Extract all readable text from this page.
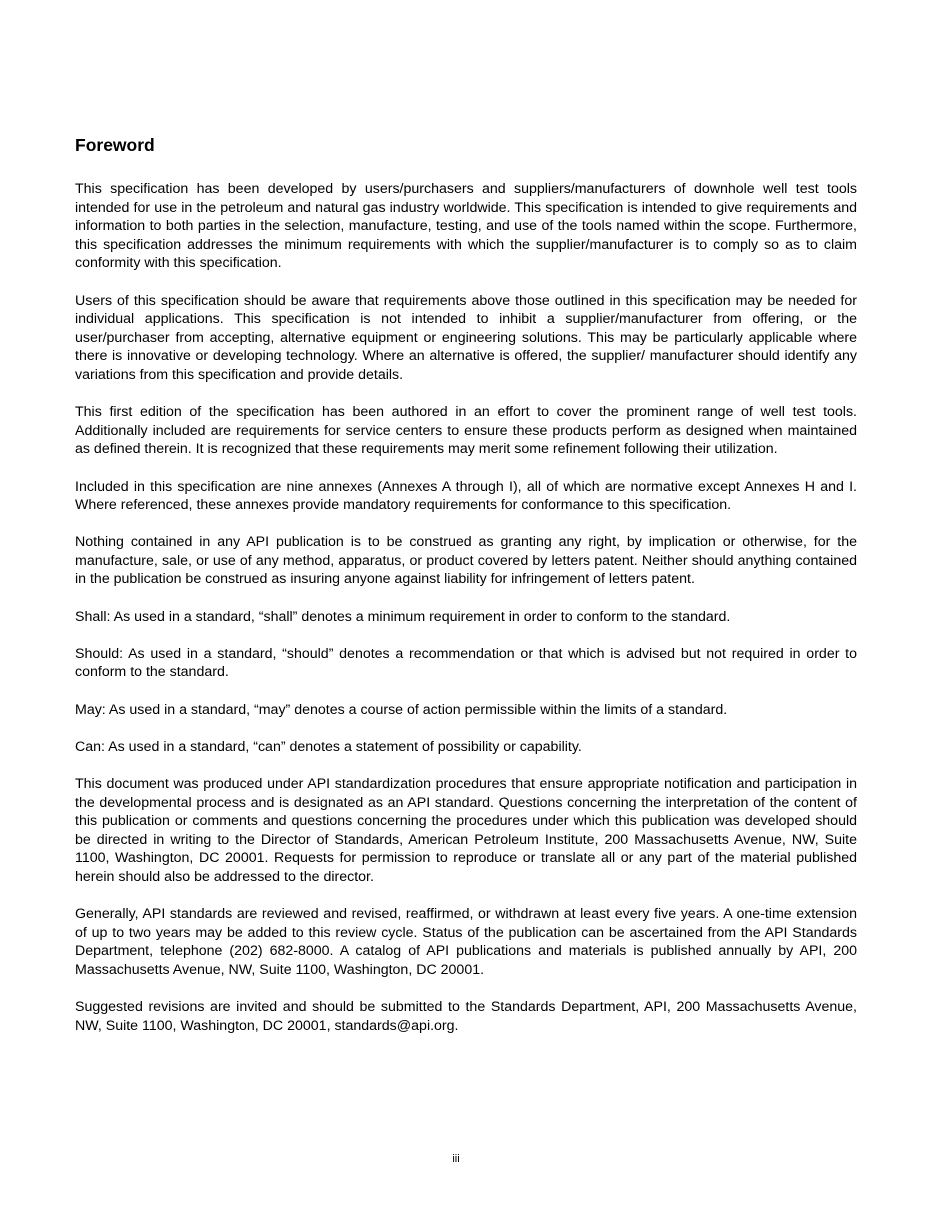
Foreword

This specification has been developed by users/purchasers and suppliers/manufacturers of downhole well test tools intended for use in the petroleum and natural gas industry worldwide. This specification is intended to give requirements and information to both parties in the selection, manufacture, testing, and use of the tools named within the scope. Furthermore, this specification addresses the minimum requirements with which the supplier/manufacturer is to comply so as to claim conformity with this specification.

Users of this specification should be aware that requirements above those outlined in this specification may be needed for individual applications. This specification is not intended to inhibit a supplier/manufacturer from offering, or the user/purchaser from accepting, alternative equipment or engineering solutions. This may be particularly applicable where there is innovative or developing technology. Where an alternative is offered, the supplier/ manufacturer should identify any variations from this specification and provide details.

This first edition of the specification has been authored in an effort to cover the prominent range of well test tools. Additionally included are requirements for service centers to ensure these products perform as designed when maintained as defined therein. It is recognized that these requirements may merit some refinement following their utilization.

Included in this specification are nine annexes (Annexes A through I), all of which are normative except Annexes H and I. Where referenced, these annexes provide mandatory requirements for conformance to this specification.

Nothing contained in any API publication is to be construed as granting any right, by implication or otherwise, for the manufacture, sale, or use of any method, apparatus, or product covered by letters patent. Neither should anything contained in the publication be construed as insuring anyone against liability for infringement of letters patent.

Shall: As used in a standard, “shall” denotes a minimum requirement in order to conform to the standard.

Should: As used in a standard, “should” denotes a recommendation or that which is advised but not required in order to conform to the standard.

May: As used in a standard, “may” denotes a course of action permissible within the limits of a standard.

Can: As used in a standard, “can” denotes a statement of possibility or capability.

This document was produced under API standardization procedures that ensure appropriate notification and participation in the developmental process and is designated as an API standard. Questions concerning the interpretation of the content of this publication or comments and questions concerning the procedures under which this publication was developed should be directed in writing to the Director of Standards, American Petroleum Institute, 200 Massachusetts Avenue, NW, Suite 1100, Washington, DC 20001. Requests for permission to reproduce or translate all or any part of the material published herein should also be addressed to the director.

Generally, API standards are reviewed and revised, reaffirmed, or withdrawn at least every five years. A one-time extension of up to two years may be added to this review cycle. Status of the publication can be ascertained from the API Standards Department, telephone (202) 682-8000. A catalog of API publications and materials is published annually by API, 200 Massachusetts Avenue, NW, Suite 1100, Washington, DC 20001.

Suggested revisions are invited and should be submitted to the Standards Department, API, 200 Massachusetts Avenue, NW, Suite 1100, Washington, DC 20001, standards@api.org.

iii
